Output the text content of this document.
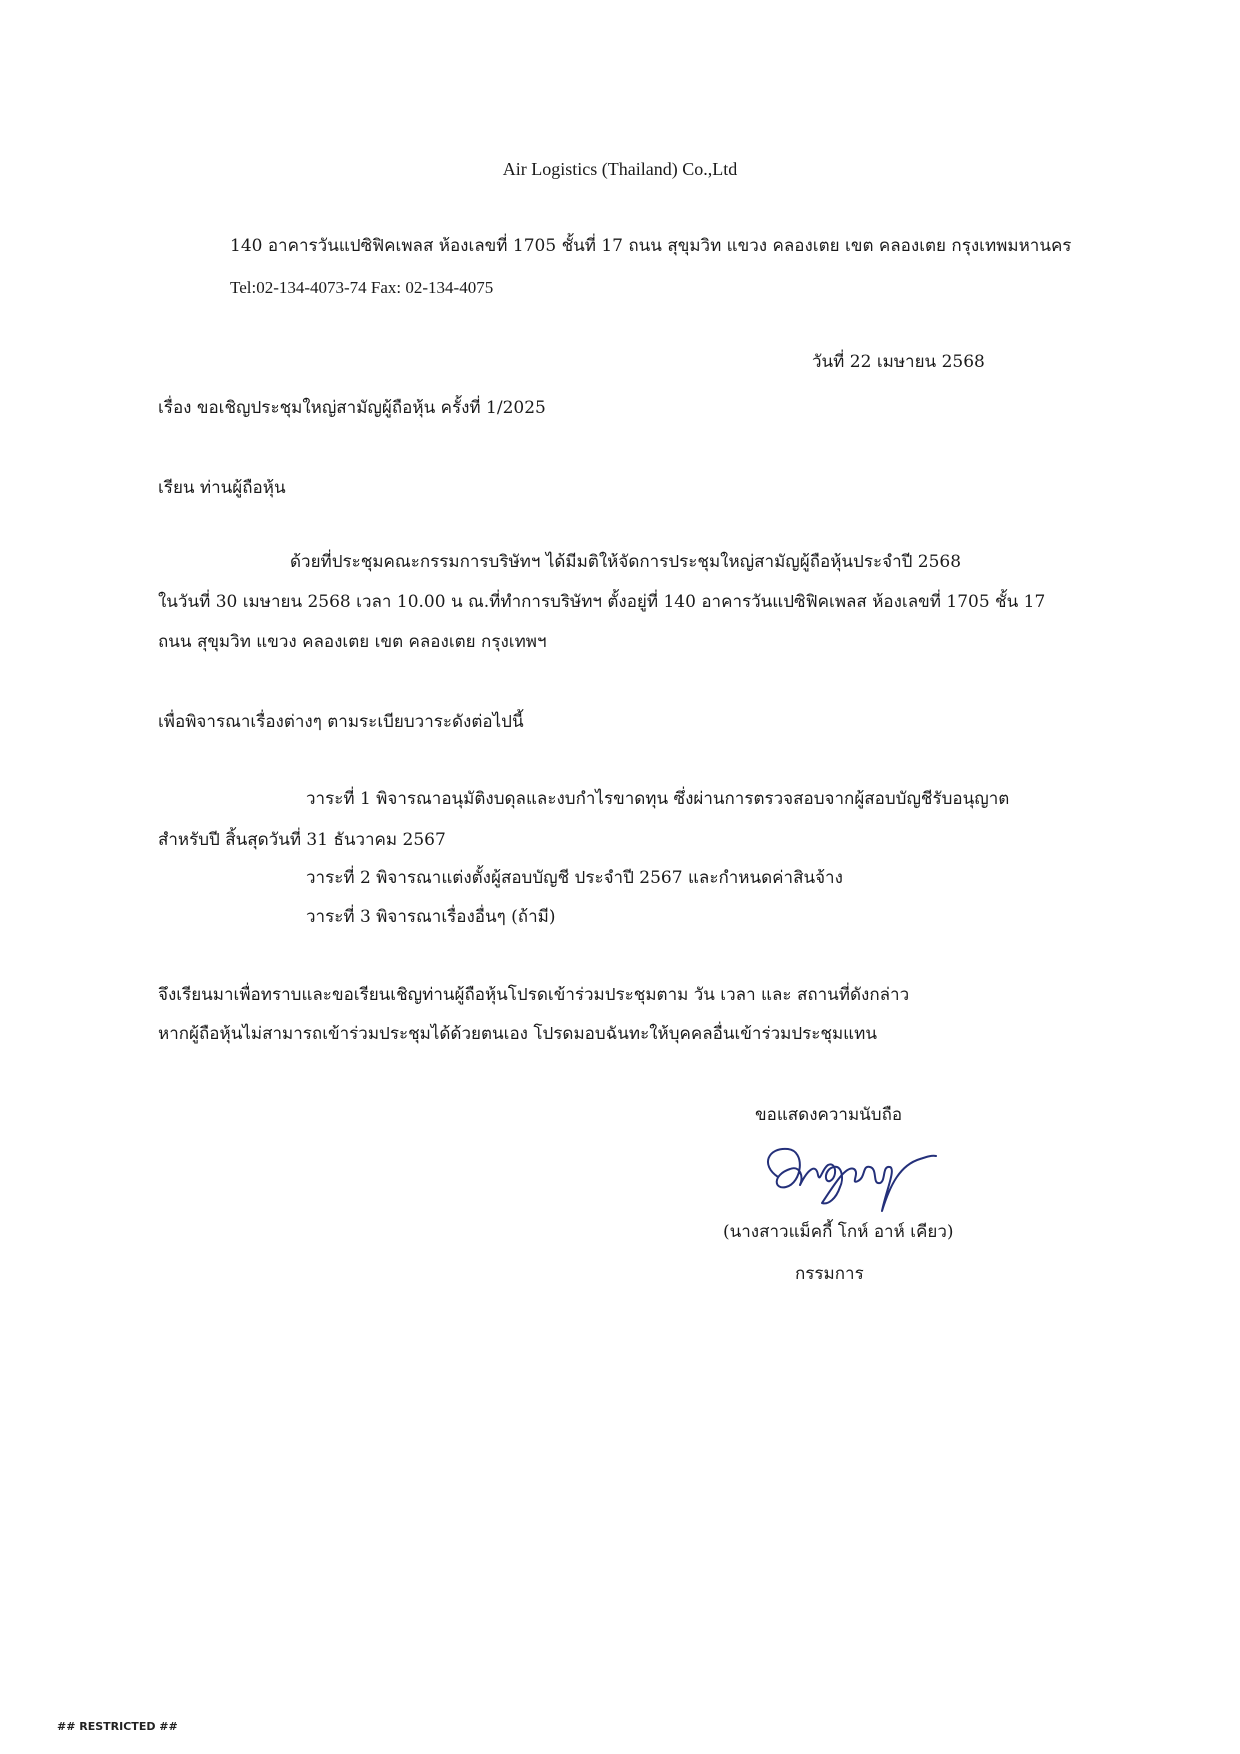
Air Logistics (Thailand) Co.,Ltd
140 อาคารวันแปซิฟิคเพลส ห้องเลขที่ 1705 ชั้นที่ 17 ถนน สุขุมวิท แขวง คลองเตย เขต คลองเตย กรุงเทพมหานคร
Tel:02-134-4073-74 Fax: 02-134-4075
วันที่ 22 เมษายน 2568
เรื่อง ขอเชิญประชุมใหญ่สามัญผู้ถือหุ้น ครั้งที่ 1/2025
เรียน ท่านผู้ถือหุ้น
ด้วยที่ประชุมคณะกรรมการบริษัทฯ ได้มีมติให้จัดการประชุมใหญ่สามัญผู้ถือหุ้นประจำปี 2568
ในวันที่ 30 เมษายน 2568 เวลา 10.00 น ณ.ที่ทำการบริษัทฯ ตั้งอยู่ที่ 140 อาคารวันแปซิฟิคเพลส ห้องเลขที่ 1705 ชั้น 17
ถนน สุขุมวิท แขวง คลองเตย เขต คลองเตย กรุงเทพฯ
เพื่อพิจารณาเรื่องต่างๆ ตามระเบียบวาระดังต่อไปนี้
วาระที่ 1 พิจารณาอนุมัติงบดุลและงบกำไรขาดทุน ซึ่งผ่านการตรวจสอบจากผู้สอบบัญชีรับอนุญาต
สำหรับปี สิ้นสุดวันที่ 31 ธันวาคม 2567
วาระที่ 2 พิจารณาแต่งตั้งผู้สอบบัญชี ประจำปี 2567 และกำหนดค่าสินจ้าง
วาระที่ 3 พิจารณาเรื่องอื่นๆ (ถ้ามี)
จึงเรียนมาเพื่อทราบและขอเรียนเชิญท่านผู้ถือหุ้นโปรดเข้าร่วมประชุมตาม วัน เวลา และ สถานที่ดังกล่าว
หากผู้ถือหุ้นไม่สามารถเข้าร่วมประชุมได้ด้วยตนเอง โปรดมอบฉันทะให้บุคคลอื่นเข้าร่วมประชุมแทน
ขอแสดงความนับถือ
(นางสาวแม็คกี้ โกห์ อาห์ เคียว)
กรรมการ
## RESTRICTED ##
